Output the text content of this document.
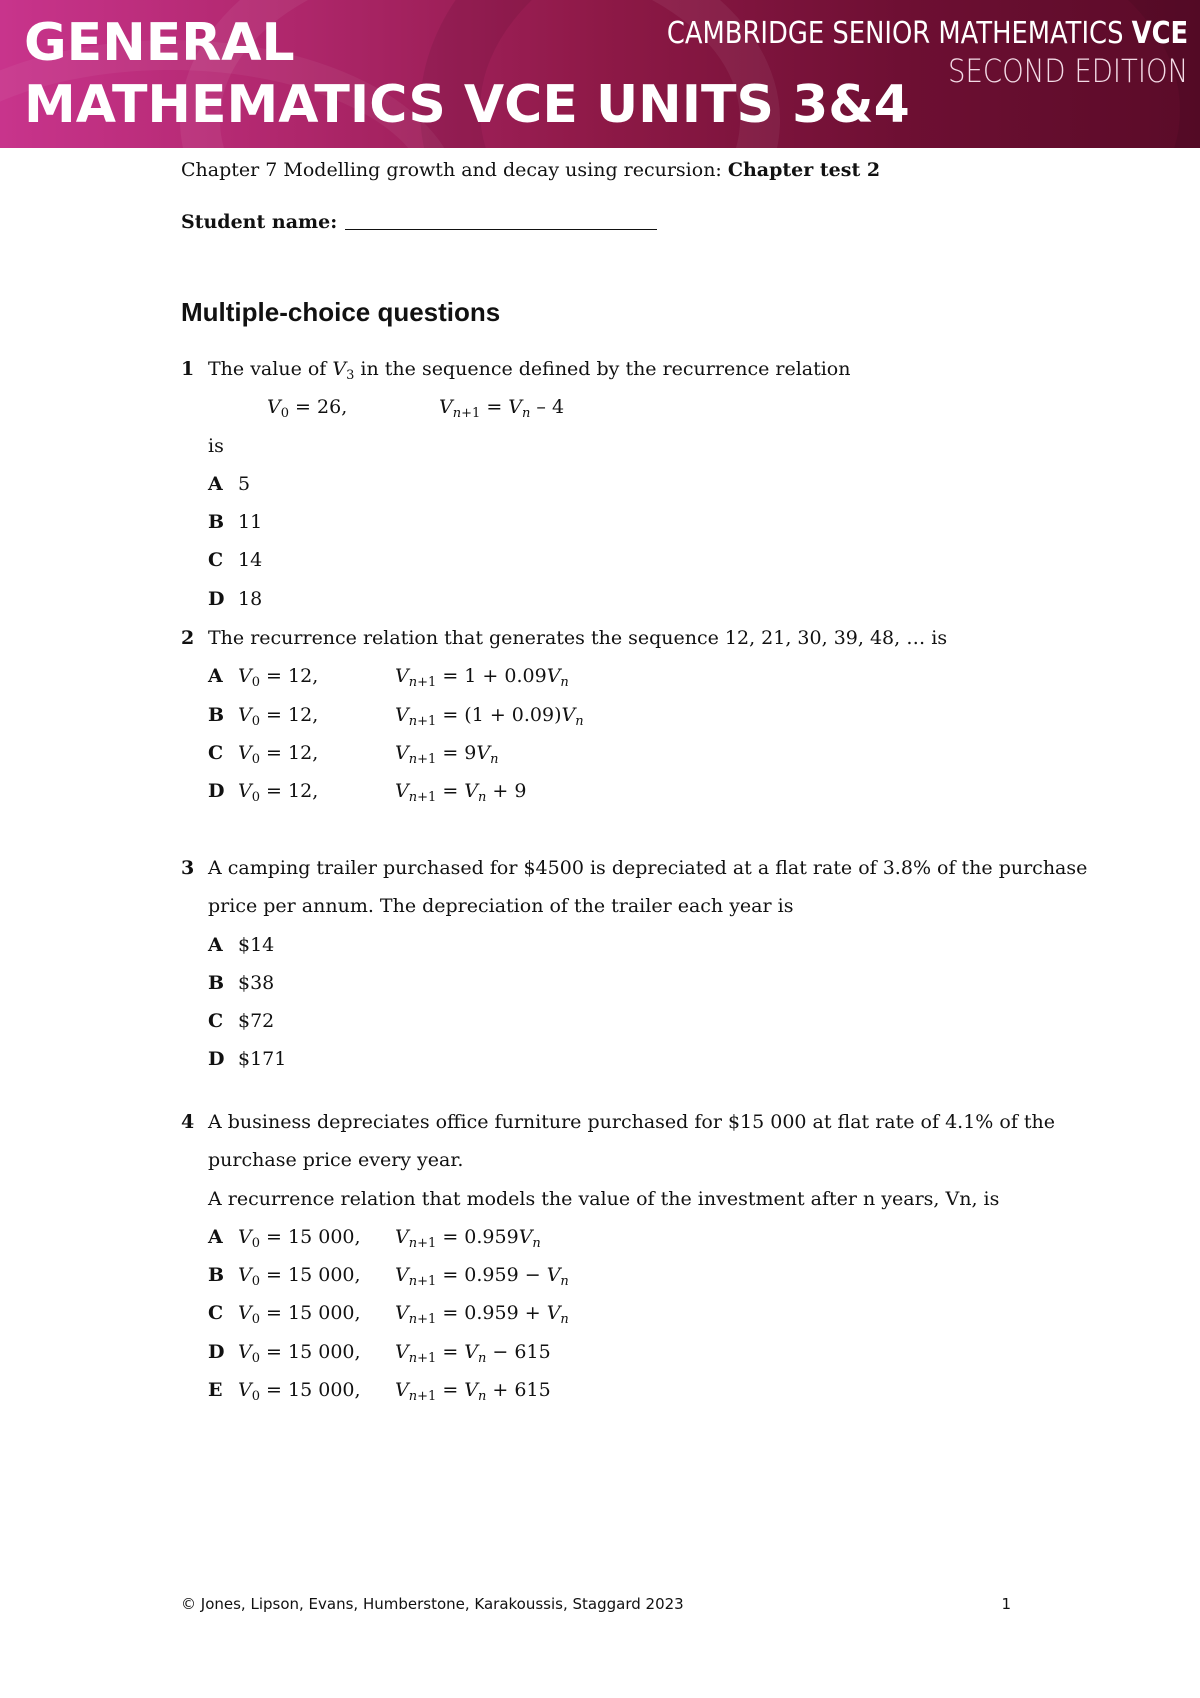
GENERAL
MATHEMATICS VCE UNITS 3&4
CAMBRIDGE SENIOR MATHEMATICS VCE
SECOND EDITION
Chapter 7 Modelling growth and decay using recursion: Chapter test 2
Student name:
Multiple-choice questions
1 The value of $V_3$ in the sequence defined by the recurrence relation
$V_0 = 26$,	$V_{n+1} = V_n - 4$
is
A 5
B 11
C 14
D 18
2 The recurrence relation that generates the sequence 12, 21, 30, 39, 48, … is
A $V_0 = 12$,	$V_{n+1} = 1 + 0.09V_n$
B $V_0 = 12$,	$V_{n+1} = (1 + 0.09)V_n$
C $V_0 = 12$,	$V_{n+1} = 9V_n$
D $V_0 = 12$,	$V_{n+1} = V_n + 9$
3 A camping trailer purchased for $4500 is depreciated at a flat rate of 3.8% of the purchase
price per annum. The depreciation of the trailer each year is
A $14
B $38
C $72
D $171
4 A business depreciates office furniture purchased for $15 000 at flat rate of 4.1% of the
purchase price every year.
A recurrence relation that models the value of the investment after n years, Vn, is
A $V_0 = 15$ 000, $V_{n+1} = 0.959V_n$
B $V_0 = 15$ 000, $V_{n+1} = 0.959 - V_n$
C $V_0 = 15$ 000, $V_{n+1} = 0.959 + V_n$
D $V_0 = 15$ 000, $V_{n+1} = V_n - 615$
E $V_0 = 15$ 000, $V_{n+1} = V_n + 615$
© Jones, Lipson, Evans, Humberstone, Karakoussis, Staggard 2023	1
